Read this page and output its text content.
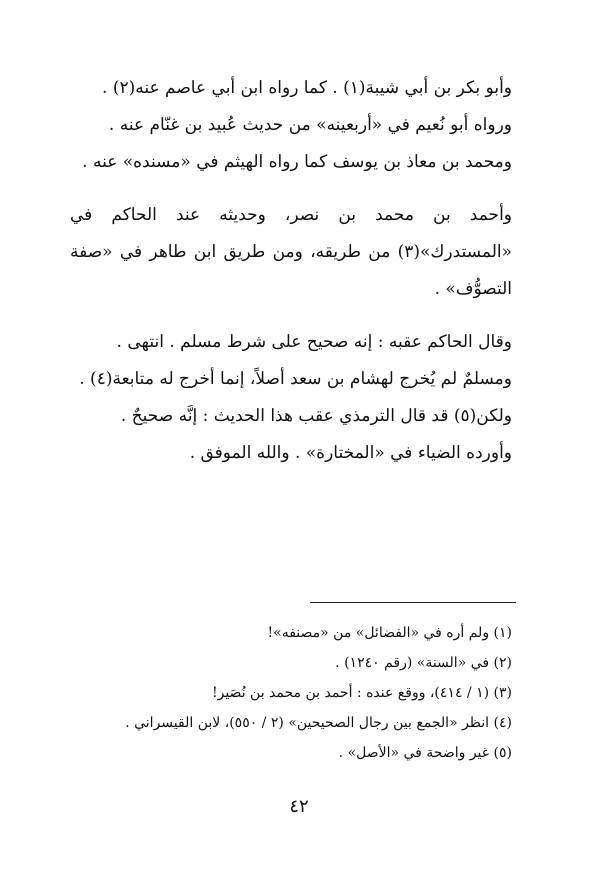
وأبو بكر بن أبي شيبة(١) . كما رواه ابن أبي عاصم عنه(٢) .

ورواه أبو نُعيم في «أربعينه» من حديث عُبيد بن غنّام عنه .

ومحمد بن معاذ بن يوسف كما رواه الهيثم في «مسنده» عنه .

وأحمد بن محمد بن نصر، وحديثه عند الحاكم في «المستدرك»(٣) من طريقه، ومن طريق ابن طاهر في «صفة التصوُّف» .

وقال الحاكم عقبه : إنه صحيح على شرط مسلم . انتهى .

ومسلمٌ لم يُخرج لهشام بن سعد أصلاً، إنما أخرج له متابعة(٤) .

ولكن(٥) قد قال الترمذي عقب هذا الحديث : إنَّه صحيحٌ .

وأورده الضياء في «المختارة» . والله الموفق .

(١) ولم أره في «الفضائل» من «مصنفه»!

(٢) في «السنة» (رقم ١٢٤٠) .

(٣) (١ / ٤١٤)، ووقع عنده : أحمد بن محمد بن نُصَير!

(٤) انظر «الجمع بين رجال الصحيحين» (٢ / ٥٥٠)، لابن القيسراني .

(٥) غير واضحة في «الأصل» .

٤٢
